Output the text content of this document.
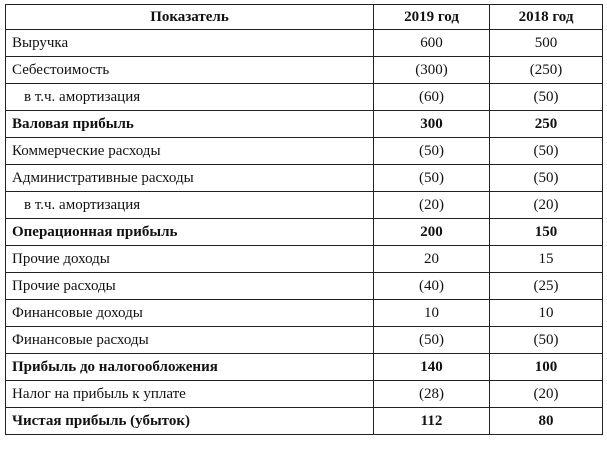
Показатель	2019 год	2018 год
Выручка	600	500
Себестоимость	(300)	(250)
в т.ч. амортизация	(60)	(50)
Валовая прибыль	300	250
Коммерческие расходы	(50)	(50)
Административные расходы	(50)	(50)
в т.ч. амортизация	(20)	(20)
Операционная прибыль	200	150
Прочие доходы	20	15
Прочие расходы	(40)	(25)
Финансовые доходы	10	10
Финансовые расходы	(50)	(50)
Прибыль до налогообложения	140	100
Налог на прибыль к уплате	(28)	(20)
Чистая прибыль (убыток)	112	80
